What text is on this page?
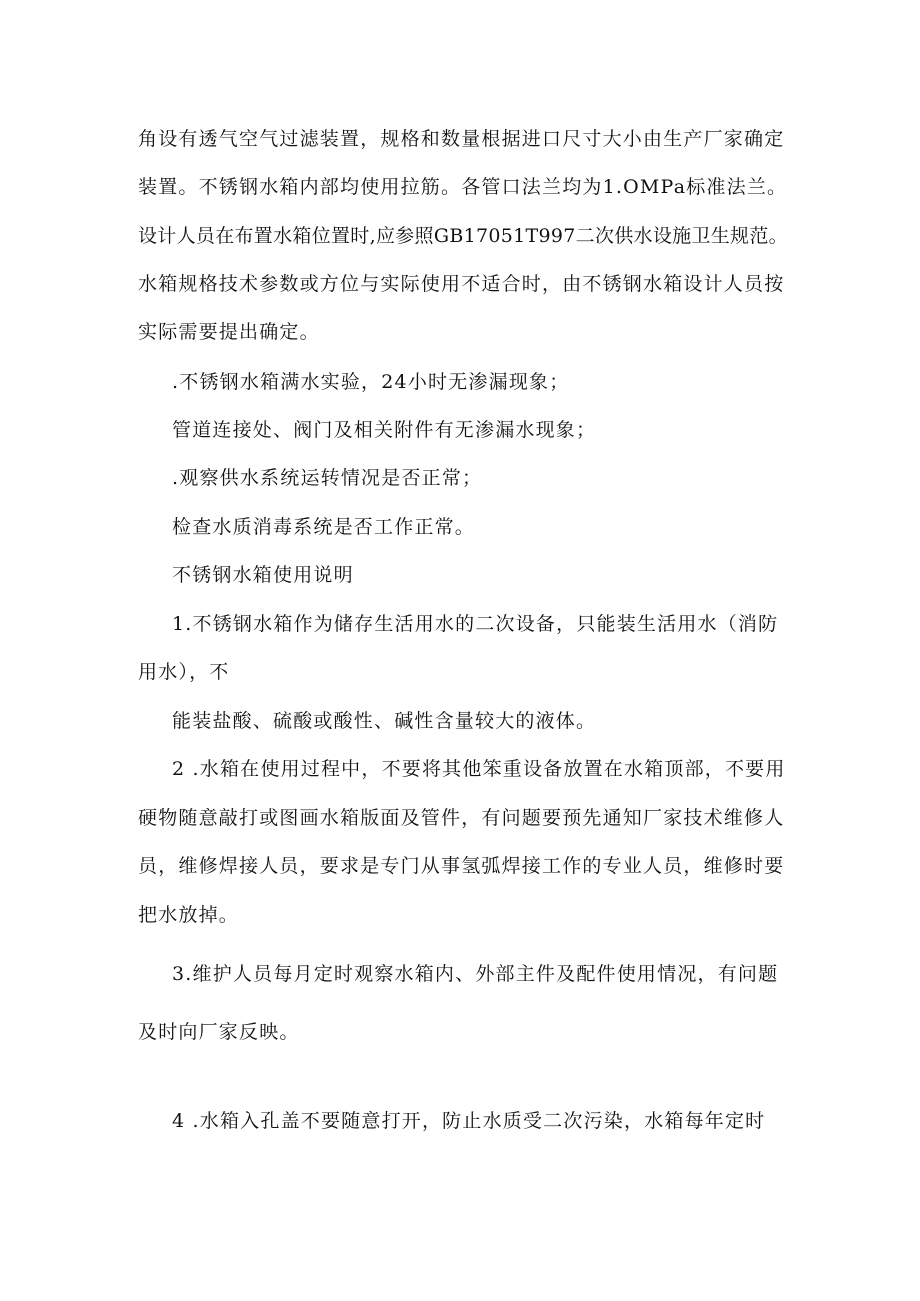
角设有透气空气过滤装置，规格和数量根据进口尺寸大小由生产厂家确定
装置。不锈钢水箱内部均使用拉筋。各管口法兰均为1.OMPa标准法兰。
设计人员在布置水箱位置时,应参照GB17051T997二次供水设施卫生规范。
水箱规格技术参数或方位与实际使用不适合时，由不锈钢水箱设计人员按
实际需要提出确定。
.不锈钢水箱满水实验，24小时无渗漏现象；
管道连接处、阀门及相关附件有无渗漏水现象；
.观察供水系统运转情况是否正常；
检查水质消毒系统是否工作正常。
不锈钢水箱使用说明
1.不锈钢水箱作为储存生活用水的二次设备，只能装生活用水（消防
用水），不
能装盐酸、硫酸或酸性、碱性含量较大的液体。
2 .水箱在使用过程中，不要将其他笨重设备放置在水箱顶部，不要用
硬物随意敲打或图画水箱版面及管件，有问题要预先通知厂家技术维修人
员，维修焊接人员，要求是专门从事氢弧焊接工作的专业人员，维修时要
把水放掉。
3.维护人员每月定时观察水箱内、外部主件及配件使用情况，有问题
及时向厂家反映。
4 .水箱入孔盖不要随意打开，防止水质受二次污染，水箱每年定时
